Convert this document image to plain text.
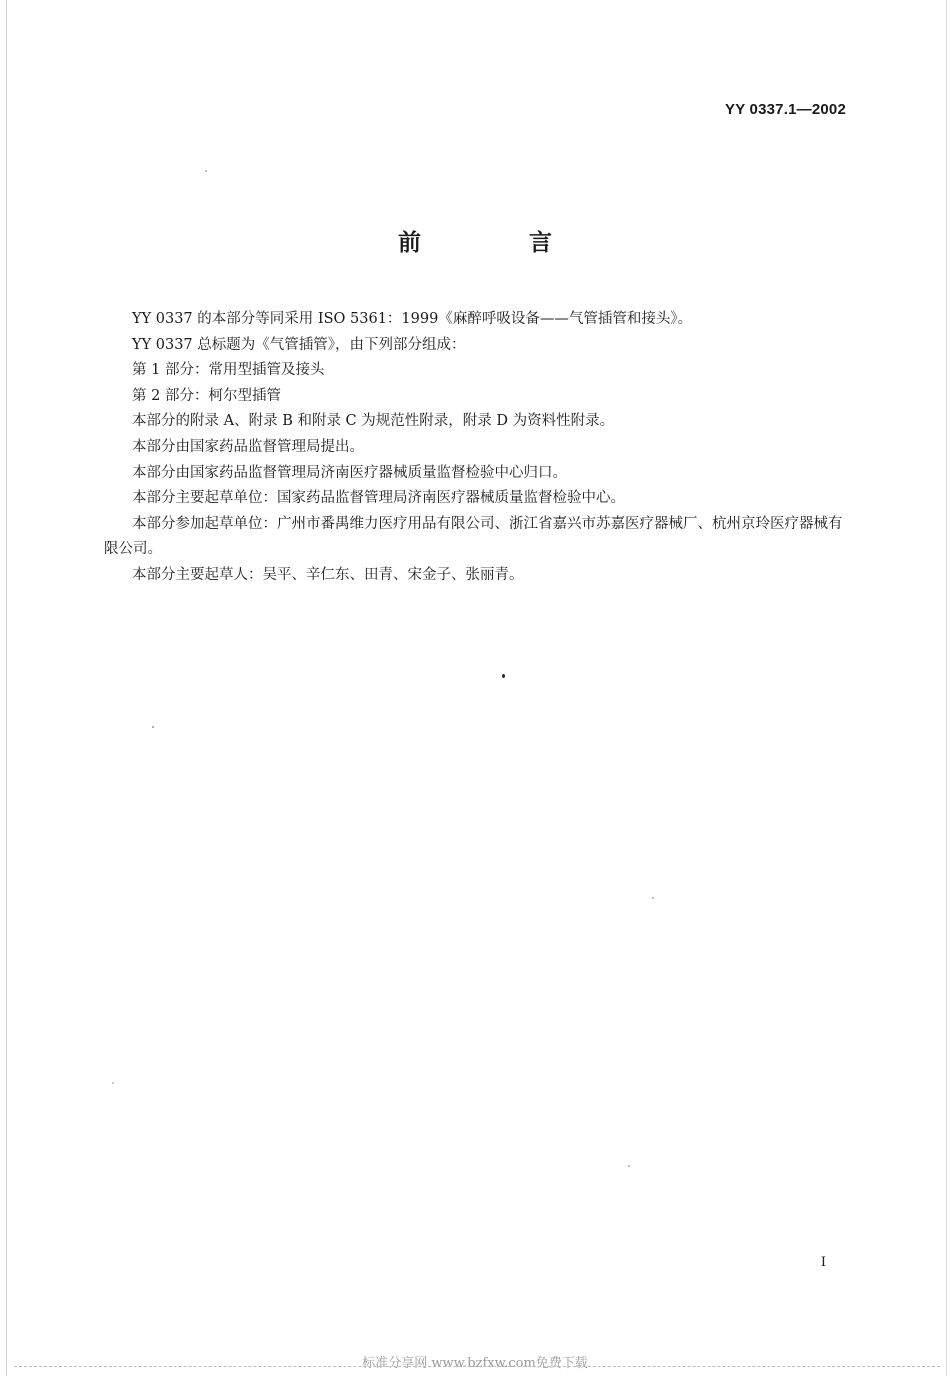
YY 0337.1—2002
前 言

YY 0337 的本部分等同采用 ISO 5361：1999《麻醉呼吸设备——气管插管和接头》。

YY 0337 总标题为《气管插管》，由下列部分组成：

第 1 部分：常用型插管及接头

第 2 部分：柯尔型插管

本部分的附录 A、附录 B 和附录 C 为规范性附录，附录 D 为资料性附录。

本部分由国家药品监督管理局提出。

本部分由国家药品监督管理局济南医疗器械质量监督检验中心归口。

本部分主要起草单位：国家药品监督管理局济南医疗器械质量监督检验中心。

本部分参加起草单位：广州市番禺维力医疗用品有限公司、浙江省嘉兴市苏嘉医疗器械厂、杭州京玲医疗器械有限公司。

本部分主要起草人：吴平、辛仁东、田青、宋金子、张丽青。

I
标准分享网 www.bzfxw.com免费下载
